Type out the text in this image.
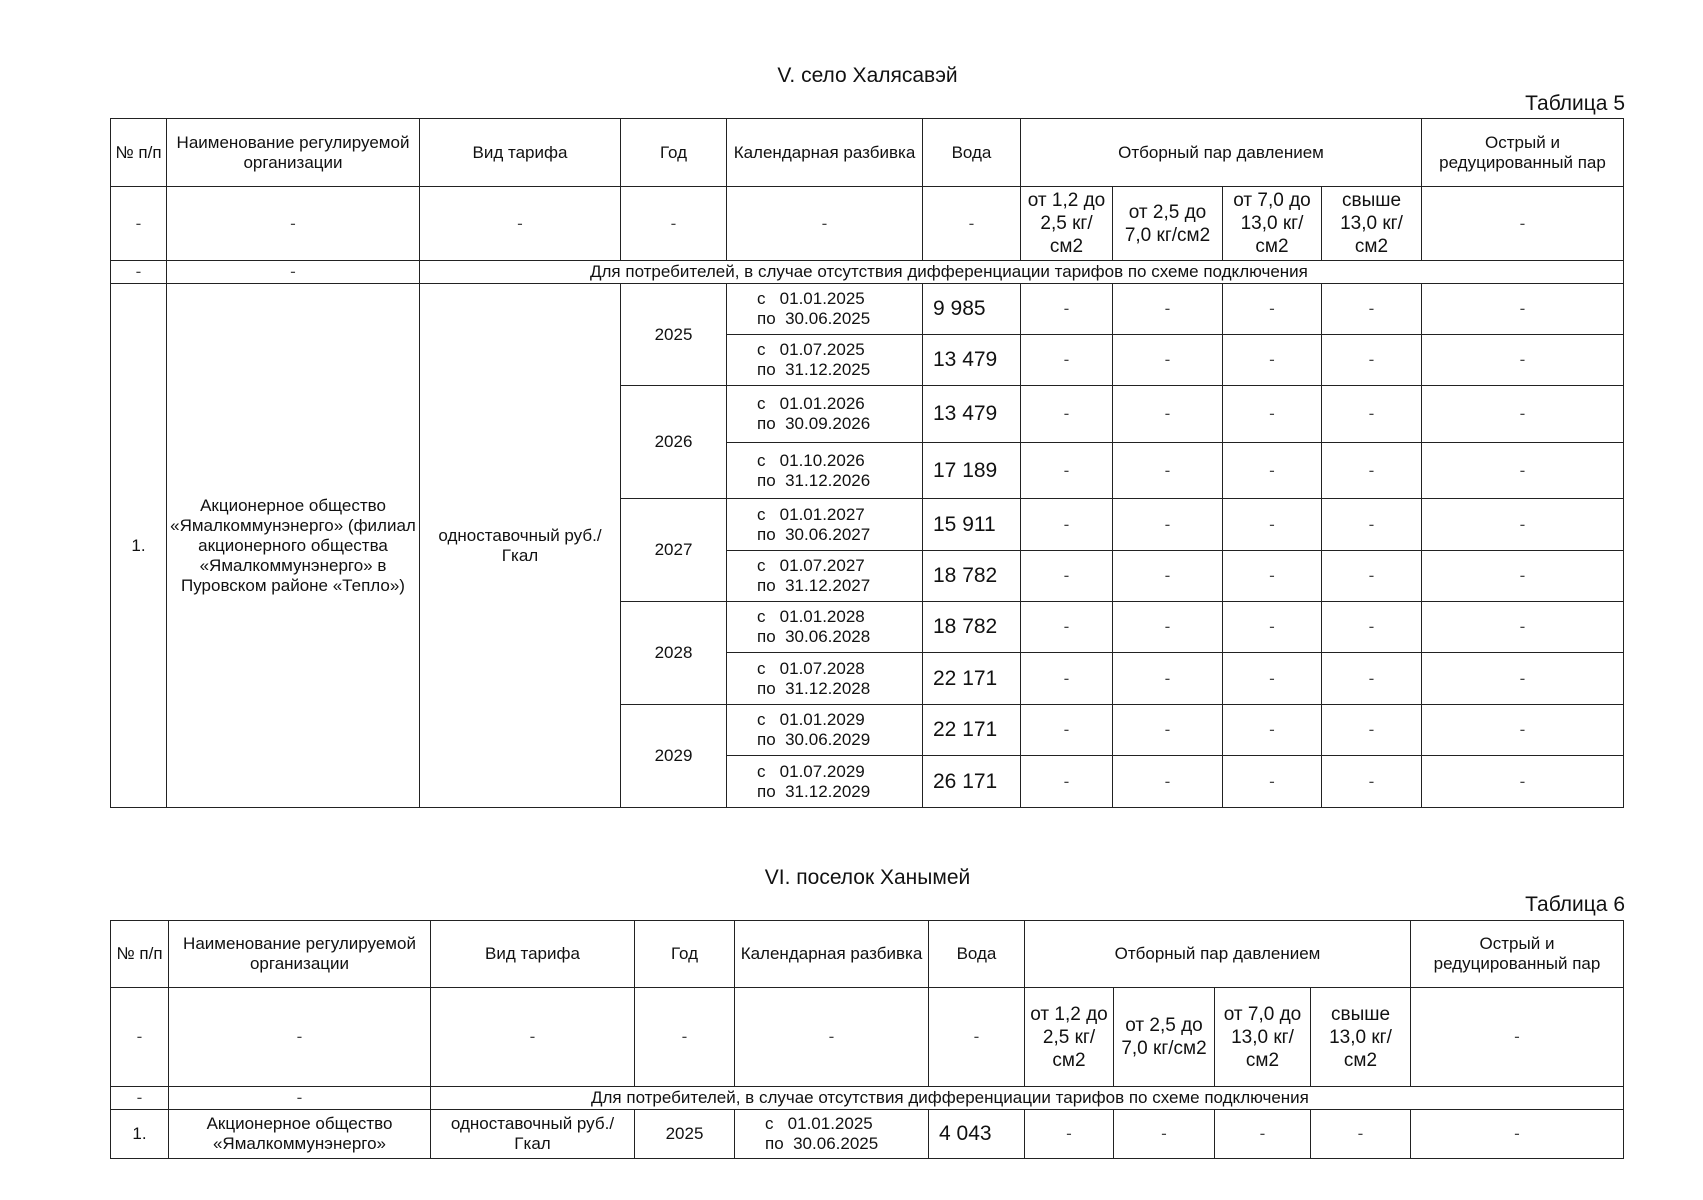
V. село Халясавэй
Таблица 5
№ п/п	Наименование регулируемой организации	Вид тарифа	Год	Календарная разбивка	Вода	Отборный пар давлением				Острый и редуцированный пар
-	-	-	-	-	-	от 1,2 до 2,5 кг/см2	от 2,5 до 7,0 кг/см2	от 7,0 до 13,0 кг/см2	свыше 13,0 кг/см2	-
-	-	Для потребителей, в случае отсутствия дифференциации тарифов по схеме подключения								
1.	Акционерное общество «Ямалкоммунэнерго» (филиал акционерного общества «Ямалкоммунэнерго» в Пуровском районе «Тепло»)	одноставочный руб./Гкал	2025	с   01.01.2025
по  30.06.2025	9 985	-	-	-	-	-

				с   01.07.2025
по  31.12.2025	13 479	-	-	-	-	-
			2026	с   01.01.2026
по  30.09.2026	13 479	-	-	-	-	-

				с   01.10.2026
по  31.12.2026	17 189	-	-	-	-	-
			2027	с   01.01.2027
по  30.06.2027	15 911	-	-	-	-	-

				с   01.07.2027
по  31.12.2027	18 782	-	-	-	-	-
			2028	с   01.01.2028
по  30.06.2028	18 782	-	-	-	-	-

				с   01.07.2028
по  31.12.2028	22 171	-	-	-	-	-
			2029	с   01.01.2029
по  30.06.2029	22 171	-	-	-	-	-

				с   01.07.2029
по  31.12.2029	26 171	-	-	-	-	-
VI. поселок Ханымей
Таблица 6
№ п/п	Наименование регулируемой организации	Вид тарифа	Год	Календарная разбивка	Вода	Отборный пар давлением				Острый и редуцированный пар
-	-	-	-	-	-	от 1,2 до 2,5 кг/см2	от 2,5 до 7,0 кг/см2	от 7,0 до 13,0 кг/см2	свыше 13,0 кг/см2	-
-	-	Для потребителей, в случае отсутствия дифференциации тарифов по схеме подключения								
1.	Акционерное общество «Ямалкоммунэнерго»	одноставочный руб./Гкал	2025	с   01.01.2025
по  30.06.2025	4 043	-	-	-	-	-
